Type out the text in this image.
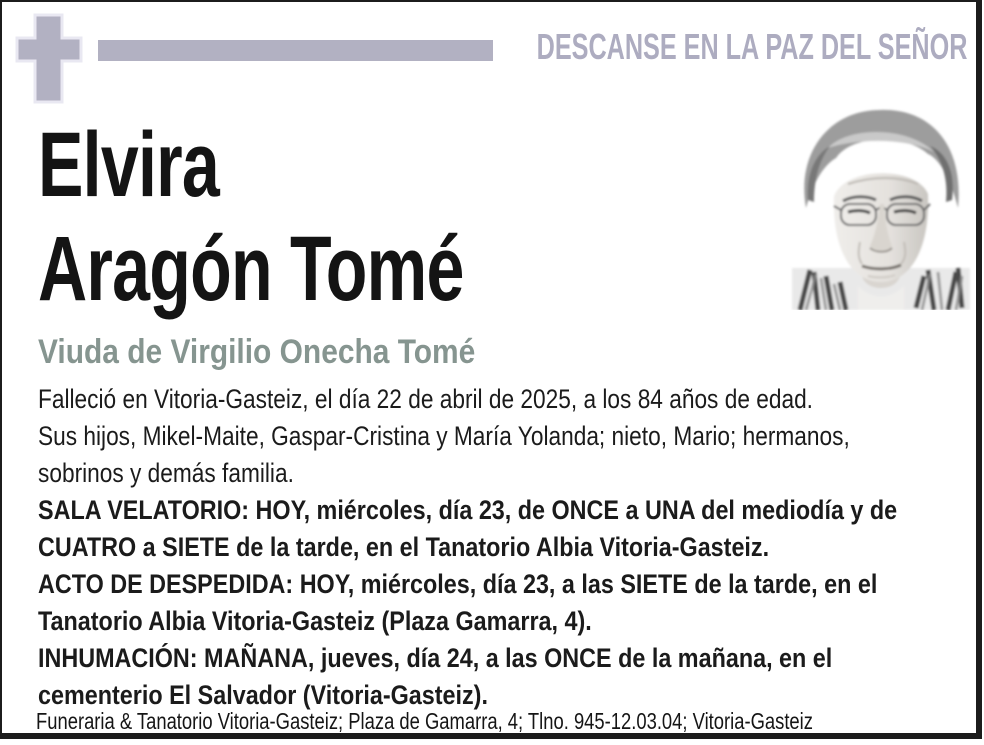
DESCANSE EN LA PAZ DEL SEÑOR
Elvira
Aragón Tomé
Viuda de Virgilio Onecha Tomé
Falleció en Vitoria-Gasteiz, el día 22 de abril de 2025, a los 84 años de edad.
Sus hijos, Mikel-Maite, Gaspar-Cristina y María Yolanda; nieto, Mario; hermanos,
sobrinos y demás familia.
SALA VELATORIO: HOY, miércoles, día 23, de ONCE a UNA del mediodía y de
CUATRO a SIETE de la tarde, en el Tanatorio Albia Vitoria-Gasteiz.
ACTO DE DESPEDIDA: HOY, miércoles, día 23, a las SIETE de la tarde, en el
Tanatorio Albia Vitoria-Gasteiz (Plaza Gamarra, 4).
INHUMACIÓN: MAÑANA, jueves, día 24, a las ONCE de la mañana, en el
cementerio El Salvador (Vitoria-Gasteiz).
Funeraria & Tanatorio Vitoria-Gasteiz; Plaza de Gamarra, 4; Tlno. 945-12.03.04; Vitoria-Gasteiz
